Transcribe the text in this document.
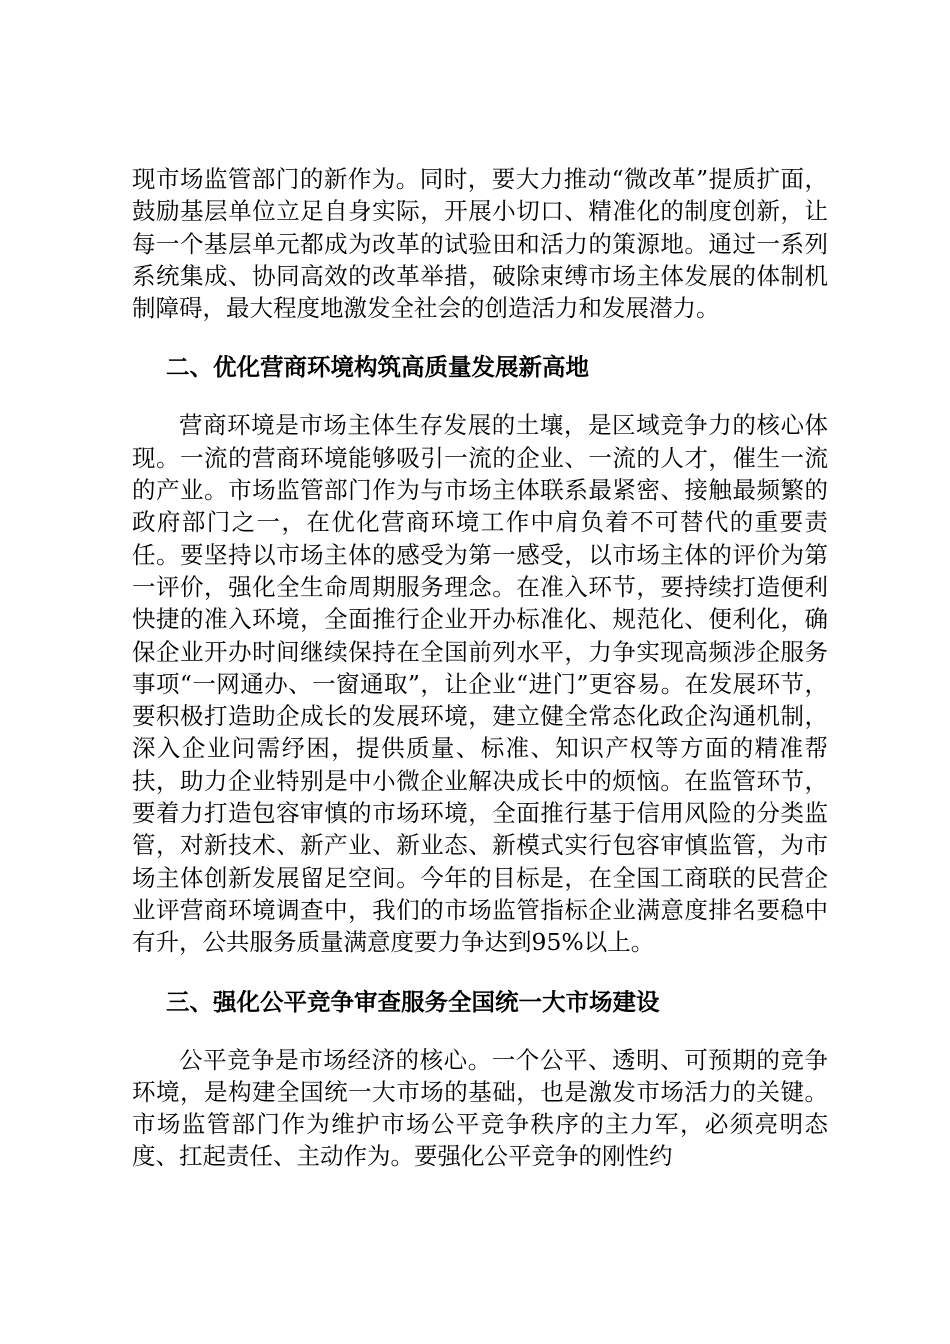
现市场监管部门的新作为。同时，要大力推动“微改革”提质扩面，鼓励基层单位立足自身实际，开展小切口、精准化的制度创新，让每一个基层单元都成为改革的试验田和活力的策源地。通过一系列系统集成、协同高效的改革举措，破除束缚市场主体发展的体制机制障碍，最大程度地激发全社会的创造活力和发展潜力。

二、优化营商环境构筑高质量发展新高地

营商环境是市场主体生存发展的土壤，是区域竞争力的核心体现。一流的营商环境能够吸引一流的企业、一流的人才，催生一流的产业。市场监管部门作为与市场主体联系最紧密、接触最频繁的政府部门之一，在优化营商环境工作中肩负着不可替代的重要责任。要坚持以市场主体的感受为第一感受，以市场主体的评价为第一评价，强化全生命周期服务理念。在准入环节，要持续打造便利快捷的准入环境，全面推行企业开办标准化、规范化、便利化，确保企业开办时间继续保持在全国前列水平，力争实现高频涉企服务事项“一网通办、一窗通取”，让企业“进门”更容易。在发展环节，要积极打造助企成长的发展环境，建立健全常态化政企沟通机制，深入企业问需纾困，提供质量、标准、知识产权等方面的精准帮扶，助力企业特别是中小微企业解决成长中的烦恼。在监管环节，要着力打造包容审慎的市场环境，全面推行基于信用风险的分类监管，对新技术、新产业、新业态、新模式实行包容审慎监管，为市场主体创新发展留足空间。今年的目标是，在全国工商联的民营企业评营商环境调查中，我们的市场监管指标企业满意度排名要稳中有升，公共服务质量满意度要力争达到95%以上。

三、强化公平竞争审查服务全国统一大市场建设

公平竞争是市场经济的核心。一个公平、透明、可预期的竞争环境，是构建全国统一大市场的基础，也是激发市场活力的关键。市场监管部门作为维护市场公平竞争秩序的主力军，必须亮明态度、扛起责任、主动作为。要强化公平竞争的刚性约
